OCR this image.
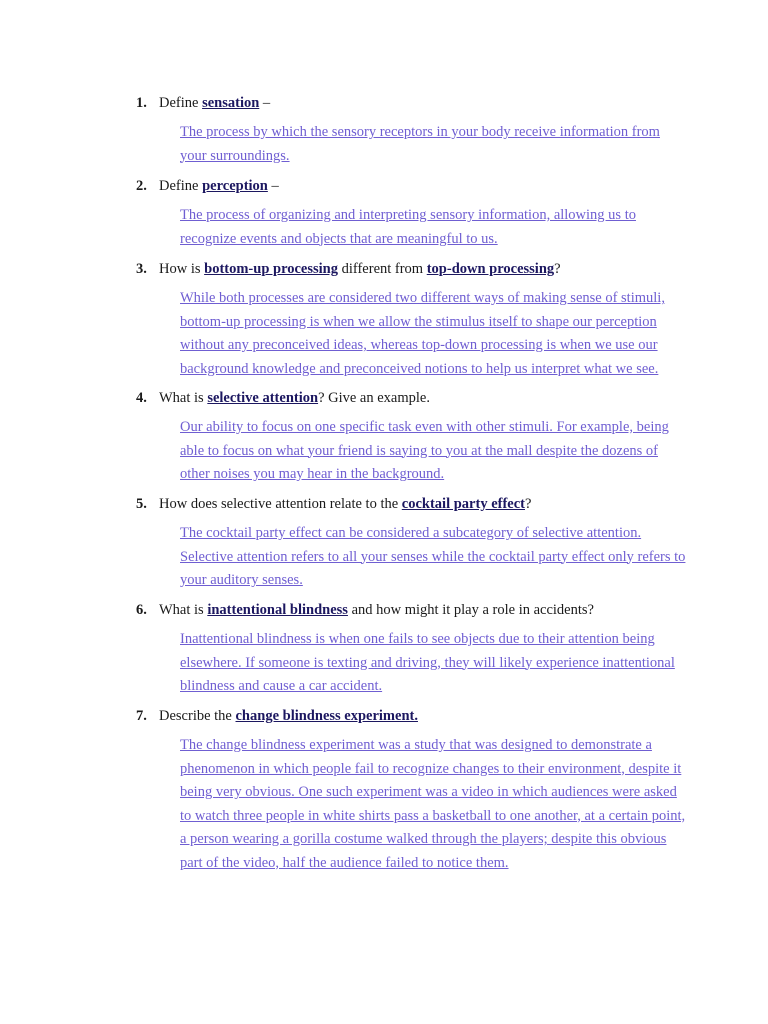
1. Define sensation –
The process by which the sensory receptors in your body receive information from your surroundings.
2. Define perception –
The process of organizing and interpreting sensory information, allowing us to recognize events and objects that are meaningful to us.
3. How is bottom-up processing different from top-down processing?
While both processes are considered two different ways of making sense of stimuli, bottom-up processing is when we allow the stimulus itself to shape our perception without any preconceived ideas, whereas top-down processing is when we use our background knowledge and preconceived notions to help us interpret what we see.
4. What is selective attention? Give an example.
Our ability to focus on one specific task even with other stimuli. For example, being able to focus on what your friend is saying to you at the mall despite the dozens of other noises you may hear in the background.
5. How does selective attention relate to the cocktail party effect?
The cocktail party effect can be considered a subcategory of selective attention. Selective attention refers to all your senses while the cocktail party effect only refers to your auditory senses.
6. What is inattentional blindness and how might it play a role in accidents?
Inattentional blindness is when one fails to see objects due to their attention being elsewhere. If someone is texting and driving, they will likely experience inattentional blindness and cause a car accident.
7. Describe the change blindness experiment.
The change blindness experiment was a study that was designed to demonstrate a phenomenon in which people fail to recognize changes to their environment, despite it being very obvious. One such experiment was a video in which audiences were asked to watch three people in white shirts pass a basketball to one another, at a certain point, a person wearing a gorilla costume walked through the players; despite this obvious part of the video, half the audience failed to notice them.
